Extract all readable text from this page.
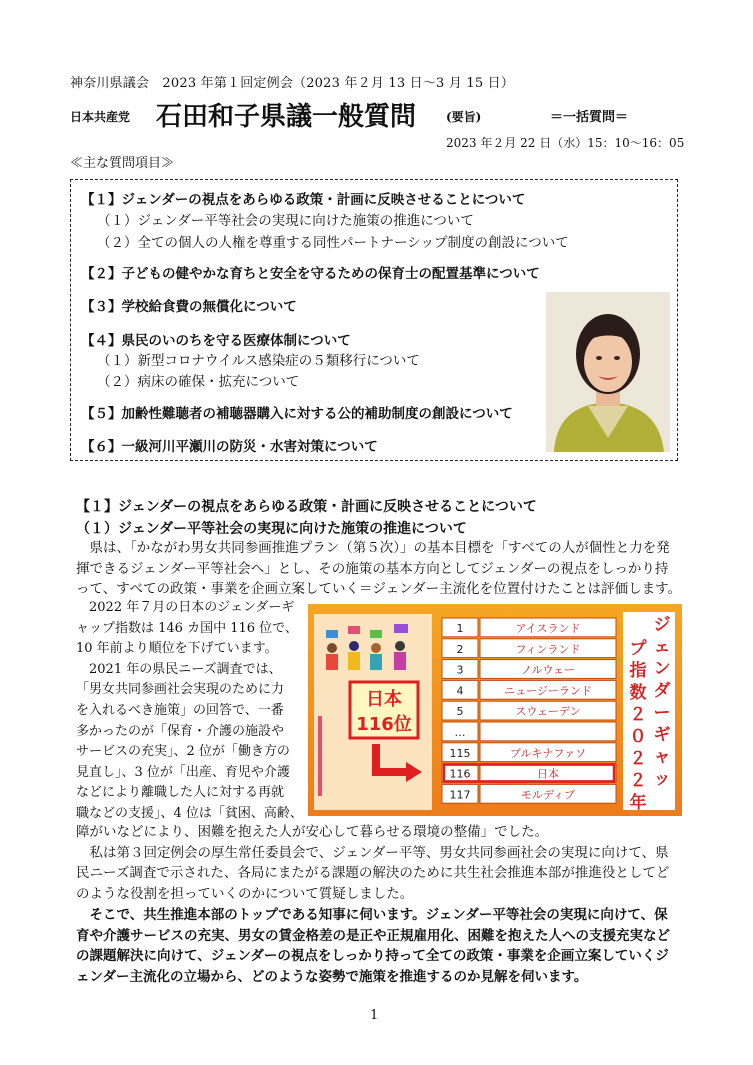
神奈川県議会　2023 年第１回定例会（2023 年２月 13 日～3 月 15 日）
日本共産党 石田和子県議一般質問 (要旨)	＝一括質問＝
2023 年２月 22 日（水）15：10～16：05
≪主な質問項目≫
【１】ジェンダーの視点をあらゆる政策・計画に反映させることについて
（１）ジェンダー平等社会の実現に向けた施策の推進について
（２）全ての個人の人権を尊重する同性パートナーシップ制度の創設について
【２】子どもの健やかな育ちと安全を守るための保育士の配置基準について
【３】学校給食費の無償化について
【４】県民のいのちを守る医療体制について
（１）新型コロナウイルス感染症の５類移行について
（２）病床の確保・拡充について
【５】加齢性難聴者の補聴器購入に対する公的補助制度の創設について
【６】一級河川平瀬川の防災・水害対策について
【１】ジェンダーの視点をあらゆる政策・計画に反映させることについて
（１）ジェンダー平等社会の実現に向けた施策の推進について

　県は、「かながわ男女共同参画推進プラン（第５次）」の基本目標を「すべての人が個性と力を発

揮できるジェンダー平等社会へ」とし、その施策の基本方向としてジェンダーの視点をしっかり持

って、すべての政策・事業を企画立案していく＝ジェンダー主流化を位置付けたことは評価します。

　2022 年７月の日本のジェンダーギ

ャップ指数は 146 カ国中 116 位で、

10 年前より順位を下げています。

　2021 年の県民ニーズ調査では、

「男女共同参画社会実現のために力

を入れるべき施策」の回答で、一番

多かったのが「保育・介護の施設や

サービスの充実」、2 位が「働き方の

見直し」、3 位が「出産、育児や介護

などにより離職した人に対する再就

職などの支援」、4 位は「貧困、高齢、

日本
116位
1	アイスランド
2	フィンランド
3	ノルウェー
4	ニュージーランド
5	スウェーデン
…
115	ブルキナファソ
116	日本
117	モルディブ
ジ
ェ
ン
ダ
ー
ギ
ャ
ッ
プ
指
数
２
０
２
２
年

障がいなどにより、困難を抱えた人が安心して暮らせる環境の整備」でした。

　私は第３回定例会の厚生常任委員会で、ジェンダー平等、男女共同参画社会の実現に向けて、県

民ニーズ調査で示された、各局にまたがる課題の解決のために共生社会推進本部が推進役としてど

のような役割を担っていくのかについて質疑しました。

　そこで、共生推進本部のトップである知事に伺います。ジェンダー平等社会の実現に向けて、保

育や介護サービスの充実、男女の賃金格差の是正や正規雇用化、困難を抱えた人への支援充実など

の課題解決に向けて、ジェンダーの視点をしっかり持って全ての政策・事業を企画立案していくジ

ェンダー主流化の立場から、どのような姿勢で施策を推進するのか見解を伺います。

1
